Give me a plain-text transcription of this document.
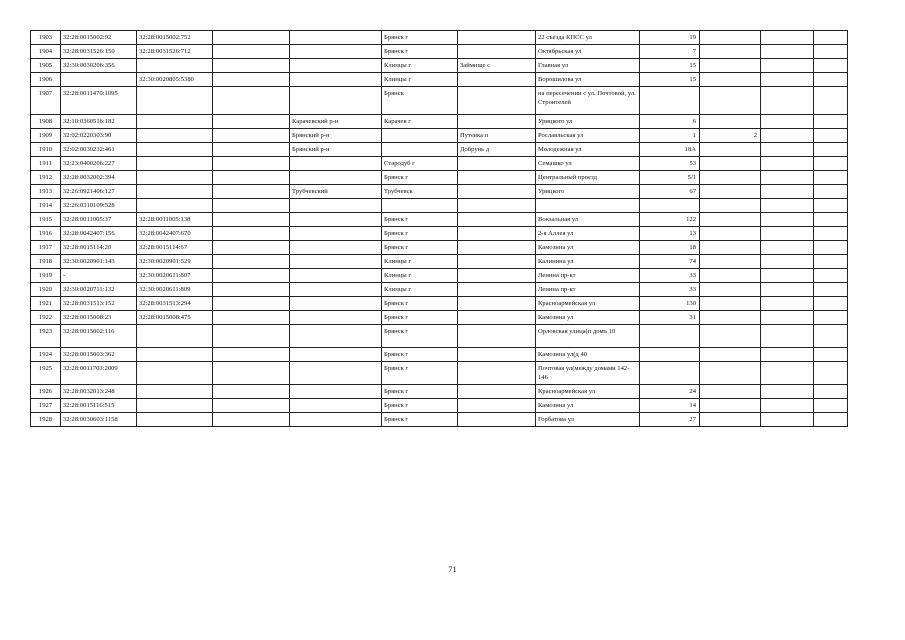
1903	32:28:0015002:92	32:28:0015002:752			Брянск г		22 съезда КПСС ул	19			
1904	32:28:0031526:150	32:28:0031526:712			Брянск г		Октябрьская ул	7			
1905	32:30:0030206:356				Клинцы г	Займище с	Главная ул	15			
1906		32:30:0020805:5380			Клинцы г		Ворошилова ул	15			
1907	32:28:0011470:1095				Брянск		на пересечении с ул. Почтовой, ул. Строителей				
1908	32:10:0360516:182			Карачевский р-н	Карачев г		Урицкого ул	6			
1909	32:02:0220303:90			Брянский р-н		Путевка п	Рославльская ул	1	2		
1910	32:02:0030232:461			Брянский р-н		Добрунь д	Молодежная ул	18А			
1911	32:23:0400206:227				Стародуб г		Семашко ул	53			
1912	32:28:0032002:394				Брянск г		Центральный проезд	5/1			
1913	32:26:0921406:127			Трубчевский	Трубчевск		Урицкого	67			
1914	32:26:0310109:528										
1915	32:28:0011005:37	32:28:0011005:138			Брянск г		Вокзальная ул	122			
1916	32:28:0042407:156	32:28:0042407:670			Брянск г		2-я Аллея ул	13			
1917	32:28:0015114:20	32:28:0015114:67			Брянск г		Камозина ул	18			
1918	32:30:0020901:143	32:30:0020901:529			Клинцы г		Калинина ул	74			
1919	-	32:30:0020611:807			Клинцы г		Ленина пр-кт	33			
1920	32:30:0020711:132	32:30:0020611:809			Клинцы г		Ленина пр-кт	33			
1921	32:28:0031513:152	32:28:0031513:294			Брянск г		Красноармейская ул	130			
1922	32:28:0015008:23	32:28:0015008:475			Брянск г		Камозина ул	31			
1923	32:28:0015002:116				Брянск г		Орловская улица(п домъ 10				
1924	32:28:0015003:362				Брянск г		Камозина ул(д 40				
1925	32:28:0011703:2009				Брянск г		Почтовая ул(между домами 142-146				
1926	32:28:0032013:248				Брянск г		Красноармейская ул	24			
1927	32:28:0015116:515				Брянск г		Камозина ул	14			
1928	32:28:0030603:1158				Брянск г		Горбатова ул	27			
71
